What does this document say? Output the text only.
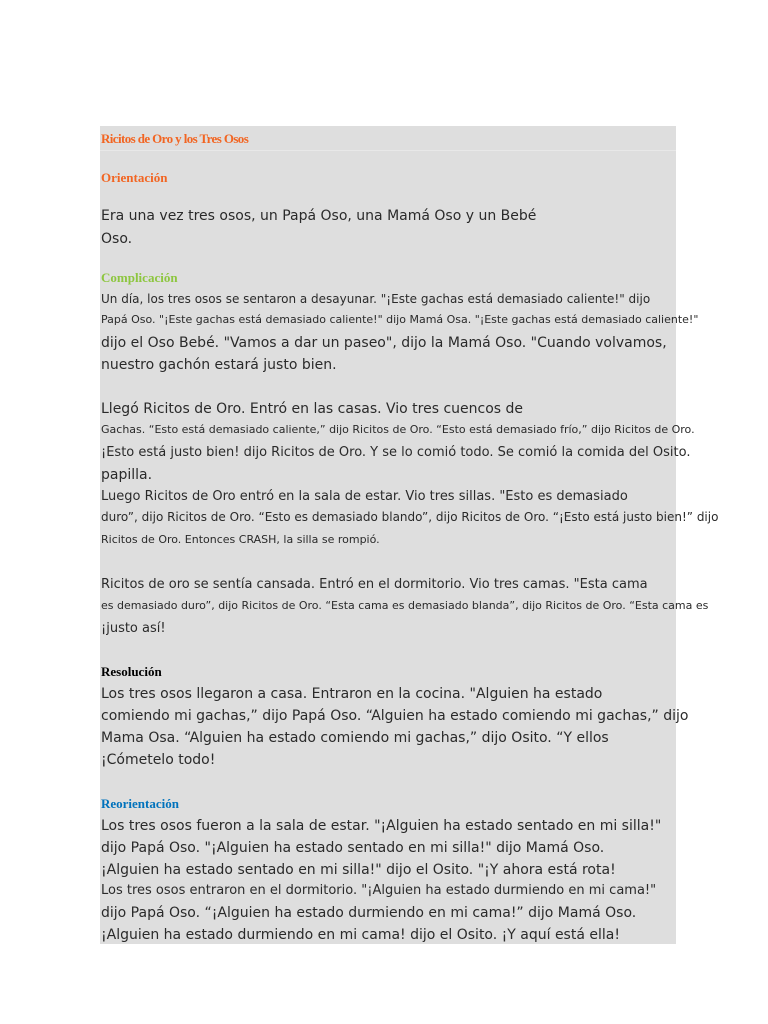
Ricitos de Oro y los Tres Osos
Orientación
Era una vez tres osos, un Papá Oso, una Mamá Oso y un Bebé
Oso.
Complicación
Un día, los tres osos se sentaron a desayunar. "¡Este gachas está demasiado caliente!" dijo
Papá Oso. "¡Este gachas está demasiado caliente!" dijo Mamá Osa. "¡Este gachas está demasiado caliente!"
dijo el Oso Bebé. "Vamos a dar un paseo", dijo la Mamá Oso. "Cuando volvamos,
nuestro gachón estará justo bien.
Llegó Ricitos de Oro. Entró en las casas. Vio tres cuencos de
Gachas. “Esto está demasiado caliente,” dijo Ricitos de Oro. “Esto está demasiado frío,” dijo Ricitos de Oro.
¡Esto está justo bien! dijo Ricitos de Oro. Y se lo comió todo. Se comió la comida del Osito.
papilla.
Luego Ricitos de Oro entró en la sala de estar. Vio tres sillas. "Esto es demasiado
duro”, dijo Ricitos de Oro. “Esto es demasiado blando”, dijo Ricitos de Oro. “¡Esto está justo bien!” dijo
Ricitos de Oro. Entonces CRASH, la silla se rompió.
Ricitos de oro se sentía cansada. Entró en el dormitorio. Vio tres camas. "Esta cama
es demasiado duro”, dijo Ricitos de Oro. “Esta cama es demasiado blanda”, dijo Ricitos de Oro. “Esta cama es
¡justo así!
Resolución
Los tres osos llegaron a casa. Entraron en la cocina. "Alguien ha estado
comiendo mi gachas,” dijo Papá Oso. “Alguien ha estado comiendo mi gachas,” dijo
Mama Osa. “Alguien ha estado comiendo mi gachas,” dijo Osito. “Y ellos
¡Cómetelo todo!
Reorientación
Los tres osos fueron a la sala de estar. "¡Alguien ha estado sentado en mi silla!"
dijo Papá Oso. "¡Alguien ha estado sentado en mi silla!" dijo Mamá Oso.
¡Alguien ha estado sentado en mi silla!" dijo el Osito. "¡Y ahora está rota!
Los tres osos entraron en el dormitorio. "¡Alguien ha estado durmiendo en mi cama!"
dijo Papá Oso. “¡Alguien ha estado durmiendo en mi cama!” dijo Mamá Oso.
¡Alguien ha estado durmiendo en mi cama! dijo el Osito. ¡Y aquí está ella!
